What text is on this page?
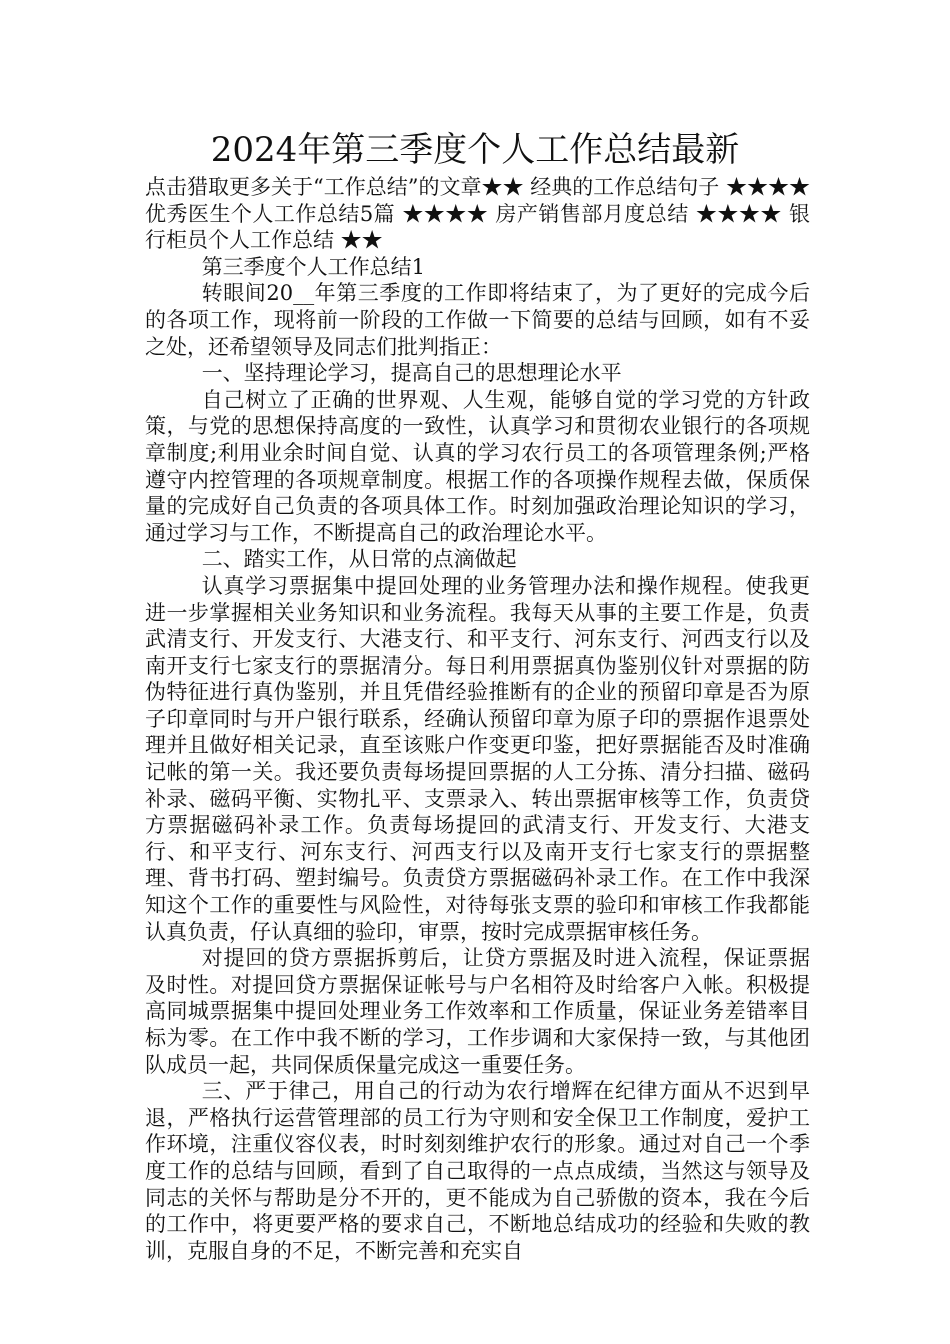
2024年第三季度个人工作总结最新

点击猎取更多关于“工作总结”的文章★★ 经典的工作总结句子 ★★★★ 优秀医生个人工作总结5篇 ★★★★ 房产销售部月度总结 ★★★★ 银行柜员个人工作总结 ★★

第三季度个人工作总结1

转眼间20__年第三季度的工作即将结束了，为了更好的完成今后的各项工作，现将前一阶段的工作做一下简要的总结与回顾，如有不妥之处，还希望领导及同志们批判指正：

一、坚持理论学习，提高自己的思想理论水平

自己树立了正确的世界观、人生观，能够自觉的学习党的方针政策，与党的思想保持高度的一致性，认真学习和贯彻农业银行的各项规章制度;利用业余时间自觉、认真的学习农行员工的各项管理条例;严格遵守内控管理的各项规章制度。根据工作的各项操作规程去做，保质保量的完成好自己负责的各项具体工作。时刻加强政治理论知识的学习，通过学习与工作，不断提高自己的政治理论水平。

二、踏实工作，从日常的点滴做起

认真学习票据集中提回处理的业务管理办法和操作规程。使我更进一步掌握相关业务知识和业务流程。我每天从事的主要工作是，负责武清支行、开发支行、大港支行、和平支行、河东支行、河西支行以及南开支行七家支行的票据清分。每日利用票据真伪鉴别仪针对票据的防伪特征进行真伪鉴别，并且凭借经验推断有的企业的预留印章是否为原子印章同时与开户银行联系，经确认预留印章为原子印的票据作退票处理并且做好相关记录，直至该账户作变更印鉴，把好票据能否及时准确记帐的第一关。我还要负责每场提回票据的人工分拣、清分扫描、磁码补录、磁码平衡、实物扎平、支票录入、转出票据审核等工作，负责贷方票据磁码补录工作。负责每场提回的武清支行、开发支行、大港支行、和平支行、河东支行、河西支行以及南开支行七家支行的票据整理、背书打码、塑封编号。负责贷方票据磁码补录工作。在工作中我深知这个工作的重要性与风险性，对待每张支票的验印和审核工作我都能认真负责，仔认真细的验印，审票，按时完成票据审核任务。

对提回的贷方票据拆剪后，让贷方票据及时进入流程，保证票据及时性。对提回贷方票据保证帐号与户名相符及时给客户入帐。积极提高同城票据集中提回处理业务工作效率和工作质量，保证业务差错率目标为零。在工作中我不断的学习，工作步调和大家保持一致，与其他团队成员一起，共同保质保量完成这一重要任务。

三、严于律己，用自己的行动为农行增辉在纪律方面从不迟到早退，严格执行运营管理部的员工行为守则和安全保卫工作制度，爱护工作环境，注重仪容仪表，时时刻刻维护农行的形象。通过对自己一个季度工作的总结与回顾，看到了自己取得的一点点成绩，当然这与领导及同志的关怀与帮助是分不开的，更不能成为自己骄傲的资本，我在今后的工作中，将更要严格的要求自己，不断地总结成功的经验和失败的教训，克服自身的不足，不断完善和充实自
